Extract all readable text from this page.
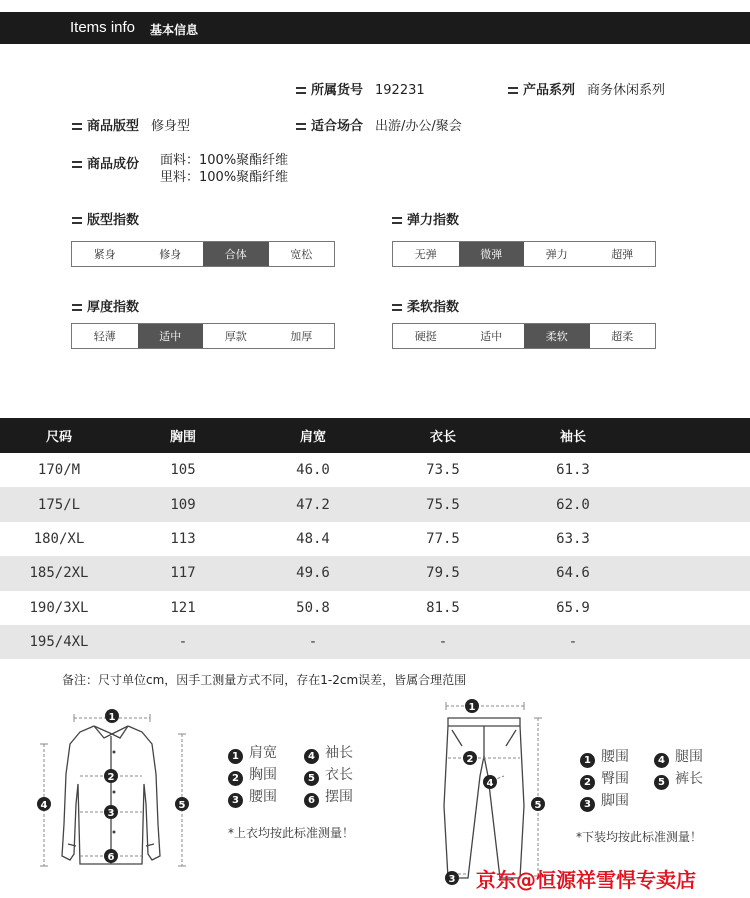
Items info 基本信息
所属货号 192231	产品系列 商务休闲系列
商品版型 修身型	适合场合 出游/办公/聚会
商品成份	面料：100%聚酯纤维
里料：100%聚酯纤维
版型指数
紧身	修身	合体	宽松
弹力指数
无弹	微弹	弹力	超弹
厚度指数
轻薄	适中	厚款	加厚
柔软指数
硬挺	适中	柔软	超柔
尺码	胸围	肩宽	衣长	袖长
170/M	105	46.0	73.5	61.3
175/L	109	47.2	75.5	62.0
180/XL	113	48.4	77.5	63.3
185/2XL	117	49.6	79.5	64.6
190/3XL	121	50.8	81.5	65.9
195/4XL	-	-	-	-
备注：尺寸单位cm，因手工测量方式不同，存在1-2cm误差，皆属合理范围
1
2
3
4	5
6
1 肩宽	4 袖长
2 胸围	5 衣长
3 腰围	6 摆围
*上衣均按此标准测量！
1
2
3
4
5
1 腰围	4 腿围
2 臀围	5 裤长
3 脚围
*下装均按此标准测量！
京东@恒源祥雪悍专卖店
